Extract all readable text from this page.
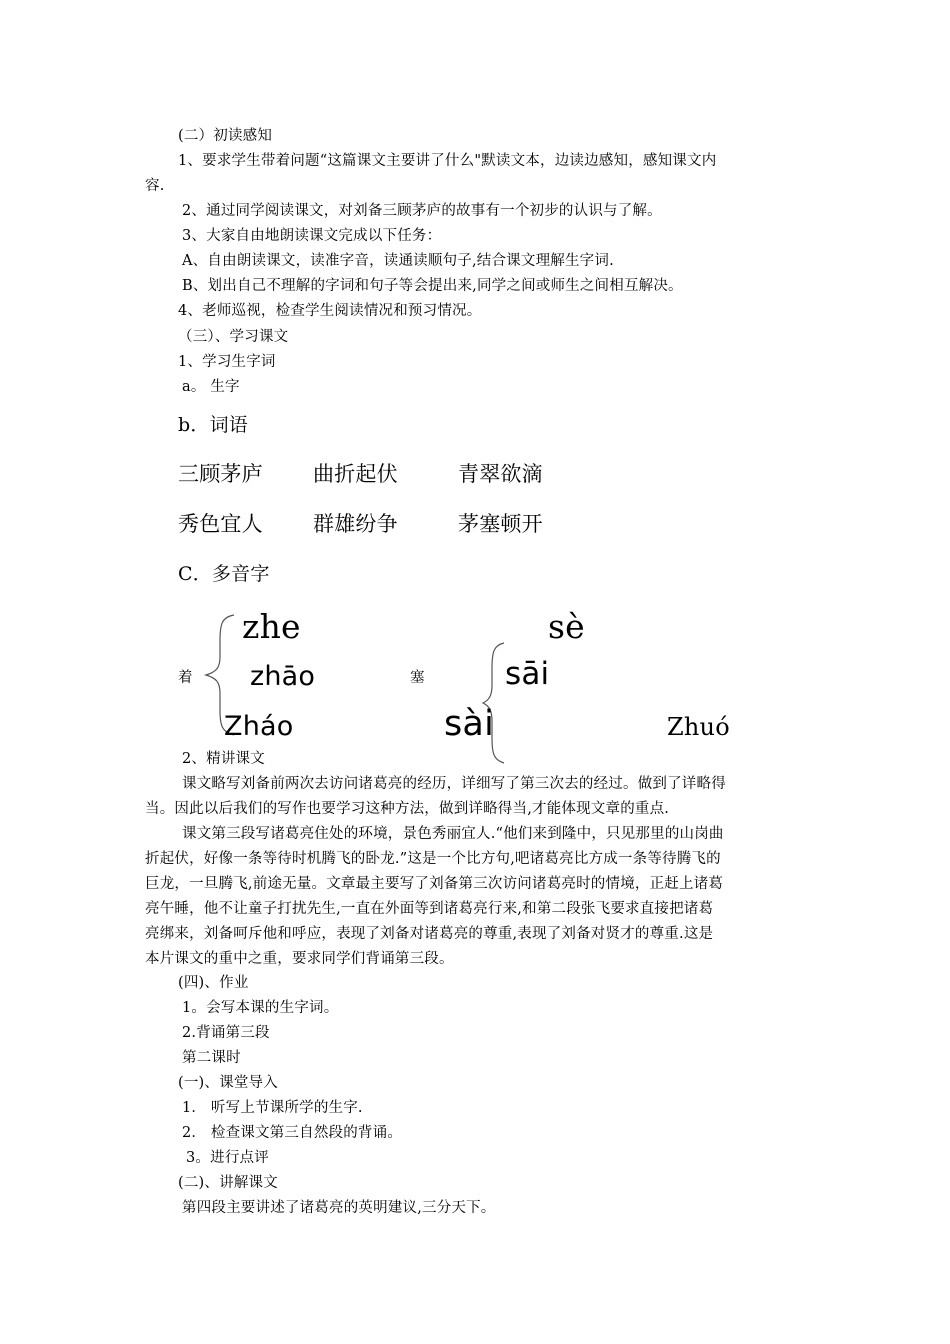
(二）初读感知
1、要求学生带着问题“这篇课文主要讲了什么"默读文本，边读边感知，感知课文内
容.
2、通过同学阅读课文，对刘备三顾茅庐的故事有一个初步的认识与了解。
3、大家自由地朗读课文完成以下任务：
A、自由朗读课文，读准字音，读通读顺句子,结合课文理解生字词.
B、划出自己不理解的字词和句子等会提出来,同学之间或师生之间相互解决。
4、老师巡视，检查学生阅读情况和预习情况。
（三）、学习课文
1、学习生字词
a。 生字
b．词语
三顾茅庐 曲折起伏	青翠欲滴
秀色宜人 群雄纷争	茅塞顿开
C．多音字
着
zhe
zhāo
Zháo
塞
sè
sāi
sài	Zhuó
2、精讲课文
课文略写刘备前两次去访问诸葛亮的经历，详细写了第三次去的经过。做到了详略得
当。因此以后我们的写作也要学习这种方法，做到详略得当,才能体现文章的重点.
课文第三段写诸葛亮住处的环境，景色秀丽宜人.“他们来到隆中，只见那里的山岗曲
折起伏，好像一条等待时机腾飞的卧龙.”这是一个比方句,吧诸葛亮比方成一条等待腾飞的
巨龙，一旦腾飞,前途无量。文章最主要写了刘备第三次访问诸葛亮时的情境，正赶上诸葛
亮午睡，他不让童子打扰先生,一直在外面等到诸葛亮行来,和第二段张飞要求直接把诸葛
亮绑来，刘备呵斥他和呼应，表现了刘备对诸葛亮的尊重,表现了刘备对贤才的尊重.这是
本片课文的重中之重，要求同学们背诵第三段。
(四)、作业
1。会写本课的生字词。
2.背诵第三段
第二课时
(一)、课堂导入
1． 听写上节课所学的生字.
2． 检查课文第三自然段的背诵。
3。进行点评
(二)、讲解课文
第四段主要讲述了诸葛亮的英明建议,三分天下。
